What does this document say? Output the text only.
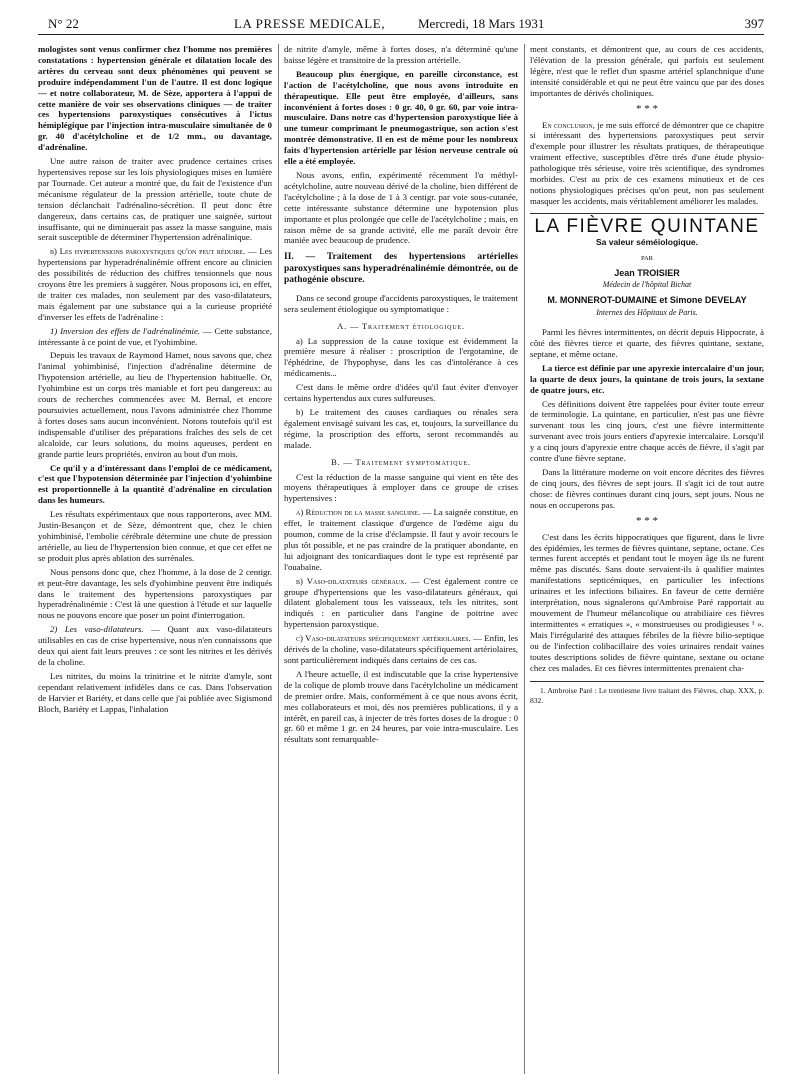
N° 22	LA PRESSE MEDICALE,	Mercredi, 18 Mars 1931	397

mologistes sont venus confirmer chez l'homme nos premières constatations : hypertension générale et dilatation locale des artères du cerveau sont deux phénomènes qui peuvent se produire indépendamment l'un de l'autre. Il est donc logique — et notre collaborateur, M. de Sèze, apportera à l'appui de cette manière de voir ses observations cliniques — de traiter ces hypertensions paroxystiques consécutives à l'ictus hémiplégique par l'injection intra-musculaire simultanée de 0 gr. 40 d'acétylcholine et de 1/2 mm., ou davantage, d'adrénaline.

Une autre raison de traiter avec prudence certaines crises hypertensives repose sur les lois physiologiques mises en lumière par Tournade. Cet auteur a montré que, du fait de l'existence d'un mécanisme régulateur de la pression artérielle, toute chute de tension déclanchait l'adrénalino-sécrétion. Il peut donc être dangereux, dans certains cas, de pratiquer une saignée, surtout insuffisante, qui ne diminuerait pas assez la masse sanguine, mais serait susceptible de déterminer l'hypertension adrénalinique.

b) Les hypertensions paroxystiques qu'on peut réduire. — Les hypertensions par hyperadrénalinémie offrent encore au clinicien des possibilités de réduction des chiffres tensionnels que nous croyons être les premiers à suggérer. Nous proposons ici, en effet, de traiter ces malades, non seulement par des vaso-dilatateurs, mais également par une substance qui a la curieuse propriété d'inverser les effets de l'adrénaline :

1) Inversion des effets de l'adrénalinémie. — Cette substance, intéressante à ce point de vue, et l'yohimbine.

Depuis les travaux de Raymond Hamet, nous savons que, chez l'animal yohimbinisé, l'injection d'adrénaline détermine de l'hypotension artérielle, au lieu de l'hypertension habituelle. Or, l'yohimbine est un corps très maniable et fort peu dangereux: au cours de recherches commencées avec M. Bernal, et encore poursuivies actuellement, nous l'avons administrée chez l'homme à fortes doses sans aucun inconvénient. Notons toutefois qu'il est indispensable d'utiliser des préparations fraîches des sels de cet alcaloïde, car leurs solutions, du moins aqueuses, perdent en grande partie leurs propriétés, environ au bout d'un mois.

Ce qu'il y a d'intéressant dans l'emploi de ce médicament, c'est que l'hypotension déterminée par l'injection d'yohimbine est proportionnelle à la quantité d'adrénaline en circulation dans les humeurs.

Les résultats expérimentaux que nous rapporterons, avec MM. Justin-Besançon et de Sèze, démontrent que, chez le chien yohimbinisé, l'embolie cérébrale détermine une chute de pression artérielle, au lieu de l'hypertension bien connue, et que cet effet ne se produit plus après ablation des surrénales.

Nous pensons donc que, chez l'homme, à la dose de 2 centigr. et peut-être davantage, les sels d'yohimbine peuvent être indiqués dans le traitement des hypertensions paroxystiques par hyperadrénalinémie : C'est là une question à l'étude et sur laquelle nous ne pouvons encore que poser un point d'interrogation.

2) Les vaso-dilatateurs. — Quant aux vaso-dilatateurs utilisables en cas de crise hypertensive, nous n'en connaissons que deux qui aient fait leurs preuves : ce sont les nitrites et les dérivés de la choline.

Les nitrites, du moins la trinitrine et le nitrite d'amyle, sont cependant relativement infidèles dans ce cas. Dans l'observation de Harvier et Bariéty, et dans celle que j'ai publiée avec Sigismond Bloch, Bariéty et Lappas, l'inhalation

de nitrite d'amyle, même à fortes doses, n'a déterminé qu'une baisse légère et transitoire de la pression artérielle.

Beaucoup plus énergique, en pareille circonstance, est l'action de l'acétylcholine, que nous avons introduite en thérapeutique. Elle peut être employée, d'ailleurs, sans inconvénient à fortes doses : 0 gr. 40, 0 gr. 60, par voie intra-musculaire. Dans notre cas d'hypertension paroxystique liée à une tumeur comprimant le pneumogastrique, son action s'est montrée démonstrative. Il en est de même pour les nombreux faits d'hypertension artérielle par lésion nerveuse centrale où elle a été employée.

Nous avons, enfin, expérimenté récemment l'α méthyl-acétylcholine, autre nouveau dérivé de la choline, bien différent de l'acétylcholine ; à la dose de 1 à 3 centigr. par voie sous-cutanée, cette intéressante substance détermine une hypotension plus importante et plus prolongée que celle de l'acétylcholine ; mais, en raison même de sa grande activité, elle me paraît devoir être maniée avec beaucoup de prudence.

II. — Traitement des hypertensions artérielles paroxystiques sans hyperadrénalinémie démontrée, ou de pathogénie obscure.

Dans ce second groupe d'accidents paroxystiques, le traitement sera seulement étiologique ou symptomatique :

A. — Traitement étiologique.

a) La suppression de la cause toxique est évidemment la première mesure à réaliser : proscription de l'ergotamine, de l'éphédrine, de l'hypophyse, dans les cas d'intolérance à ces médicaments...

C'est dans le même ordre d'idées qu'il faut éviter d'envoyer certains hypertendus aux cures sulfureuses.

b) Le traitement des causes cardiaques ou rénales sera également envisagé suivant les cas, et, toujours, la surveillance du régime, la proscription des efforts, seront recommandés au malade.

B. — Traitement symptomatique.

C'est la réduction de la masse sanguine qui vient en tête des moyens thérapeutiques à employer dans ce groupe de crises hypertensives :

a) Réduction de la masse sanguine. — La saignée constitue, en effet, le traitement classique d'urgence de l'œdème aigu du poumon, comme de la crise d'éclampsie. Il faut y avoir recours le plus tôt possible, et ne pas craindre de la pratiquer abondante, en lui adjoignant des tonicardiaques dont le type est représenté par l'ouabaïne.

b) Vaso-dilatateurs généraux. — C'est également contre ce groupe d'hypertensions que les vaso-dilatateurs généraux, qui dilatent globalement tous les vaisseaux, tels les nitrites, sont indiqués : en particulier dans l'angine de poitrine avec hypertension paroxystique.

c) Vaso-dilatateurs spécifiquement artériolaires. — Enfin, les dérivés de la choline, vaso-dilatateurs spécifiquement artériolaires, sont particulièrement indiqués dans certains de ces cas.

A l'heure actuelle, il est indiscutable que la crise hypertensive de la colique de plomb trouve dans l'acétylcholine un médicament de premier ordre. Mais, conformément à ce que nous avons écrit, mes collaborateurs et moi, dès nos premières publications, il y a intérêt, en pareil cas, à injecter de très fortes doses de la drogue : 0 gr. 60 et même 1 gr. en 24 heures, par voie intra-musculaire. Les résultats sont remarquable-

ment constants, et démontrent que, au cours de ces accidents, l'élévation de la pression générale, qui parfois est seulement légère, n'est que le reflet d'un spasme artériel splanchnique d'une intensité considérable et qui ne peut être vaincu que par des doses importantes de dérivés choliniques.

* * *

En conclusion, je me suis efforcé de démontrer que ce chapitre si intéressant des hypertensions paroxystiques peut servir d'exemple pour illustrer les résultats pratiques, de thérapeutique vraiment effective, susceptibles d'être tirés d'une étude physio-pathologique très sérieuse, voire très scientifique, des syndromes morbides. C'est au prix de ces examens minutieux et de ces notions physiologiques précises qu'on peut, non pas seulement masquer les accidents, mais véritablement améliorer les malades.

LA FIÈVRE QUINTANE
Sa valeur séméiologique.
PAR
Jean TROISIER
Médecin de l'hôpital Bichat
M. MONNEROT-DUMAINE et Simone DEVELAY
Internes des Hôpitaux de Paris.

Parmi les fièvres intermittentes, on décrit depuis Hippocrate, à côté des fièvres tierce et quarte, des fièvres quintane, sextane, septane, et même octane.

La tierce est définie par une apyrexie intercalaire d'un jour, la quarte de deux jours, la quintane de trois jours, la sextane de quatre jours, etc.

Ces définitions doivent être rappelées pour éviter toute erreur de terminologie. La quintane, en particulier, n'est pas une fièvre survenant tous les cinq jours, c'est une fièvre intermittente survenant avec trois jours entiers d'apyrexie intercalaire. Lorsqu'il y a cinq jours d'apyrexie entre chaque accès de fièvre, il s'agit par contre d'une fièvre septane.

Dans la littérature moderne on voit encore décrites des fièvres de cinq jours, des fièvres de sept jours. Il s'agit ici de tout autre chose: de fièvres continues durant cinq jours, sept jours. Nous ne nous en occuperons pas.

* * *

C'est dans les écrits hippocratiques que figurent, dans le livre des épidémies, les termes de fièvres quintane, septane, octane. Ces termes furent acceptés et pendant tout le moyen âge ils ne furent même pas discutés. Sans doute servaient-ils à qualifier maintes manifestations septicémiques, en particulier les infections urinaires et les infections biliaires. En faveur de cette dernière interprétation, nous signalerons qu'Ambroise Paré rapportait au mouvement de l'humeur mélancolique ou atrabiliaire ces fièvres intermittentes « erratiques », « monstrueuses ou prodigieuses ¹ ». Mais l'irrégularité des attaques fébriles de la fièvre bilio-septique ou de l'infection colibacillaire des voies urinaires rendait vaines toutes descriptions solides de fièvre quintane, sextane ou octane chez ces malades. Et ces fièvres intermittentes prenaient cha-

1. Ambroise Paré : Le trentiesme livre traitant des Fièvres, chap. XXX, p. 832.
